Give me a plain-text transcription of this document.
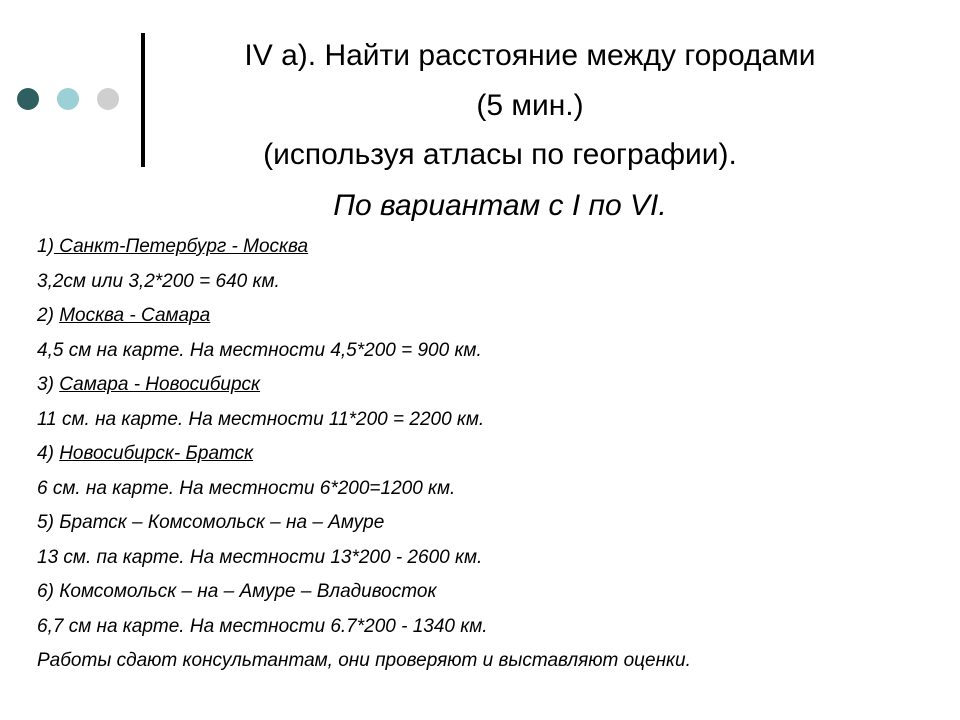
IV а). Найти расстояние между городами
(5 мин.)
(используя атласы по географии).
По вариантам с I по VI.
1) Санкт-Петербург - Москва
3,2см или 3,2*200 = 640 км.
2) Москва - Самара
4,5 см на карте. На местности 4,5*200 = 900 км.
3) Самара - Новосибирск
11 см. на карте. На местности 11*200 = 2200 км.
4) Новосибирск- Братск
6 см. на карте. На местности 6*200=1200 км.
5) Братск – Комсомольск – на – Амуре
13 см. па карте. На местности 13*200 - 2600 км.
6) Комсомольск – на – Амуре – Владивосток
6,7 см на карте. На местности 6.7*200 - 1340 км.
Работы сдают консультантам, они проверяют и выставляют оценки.
